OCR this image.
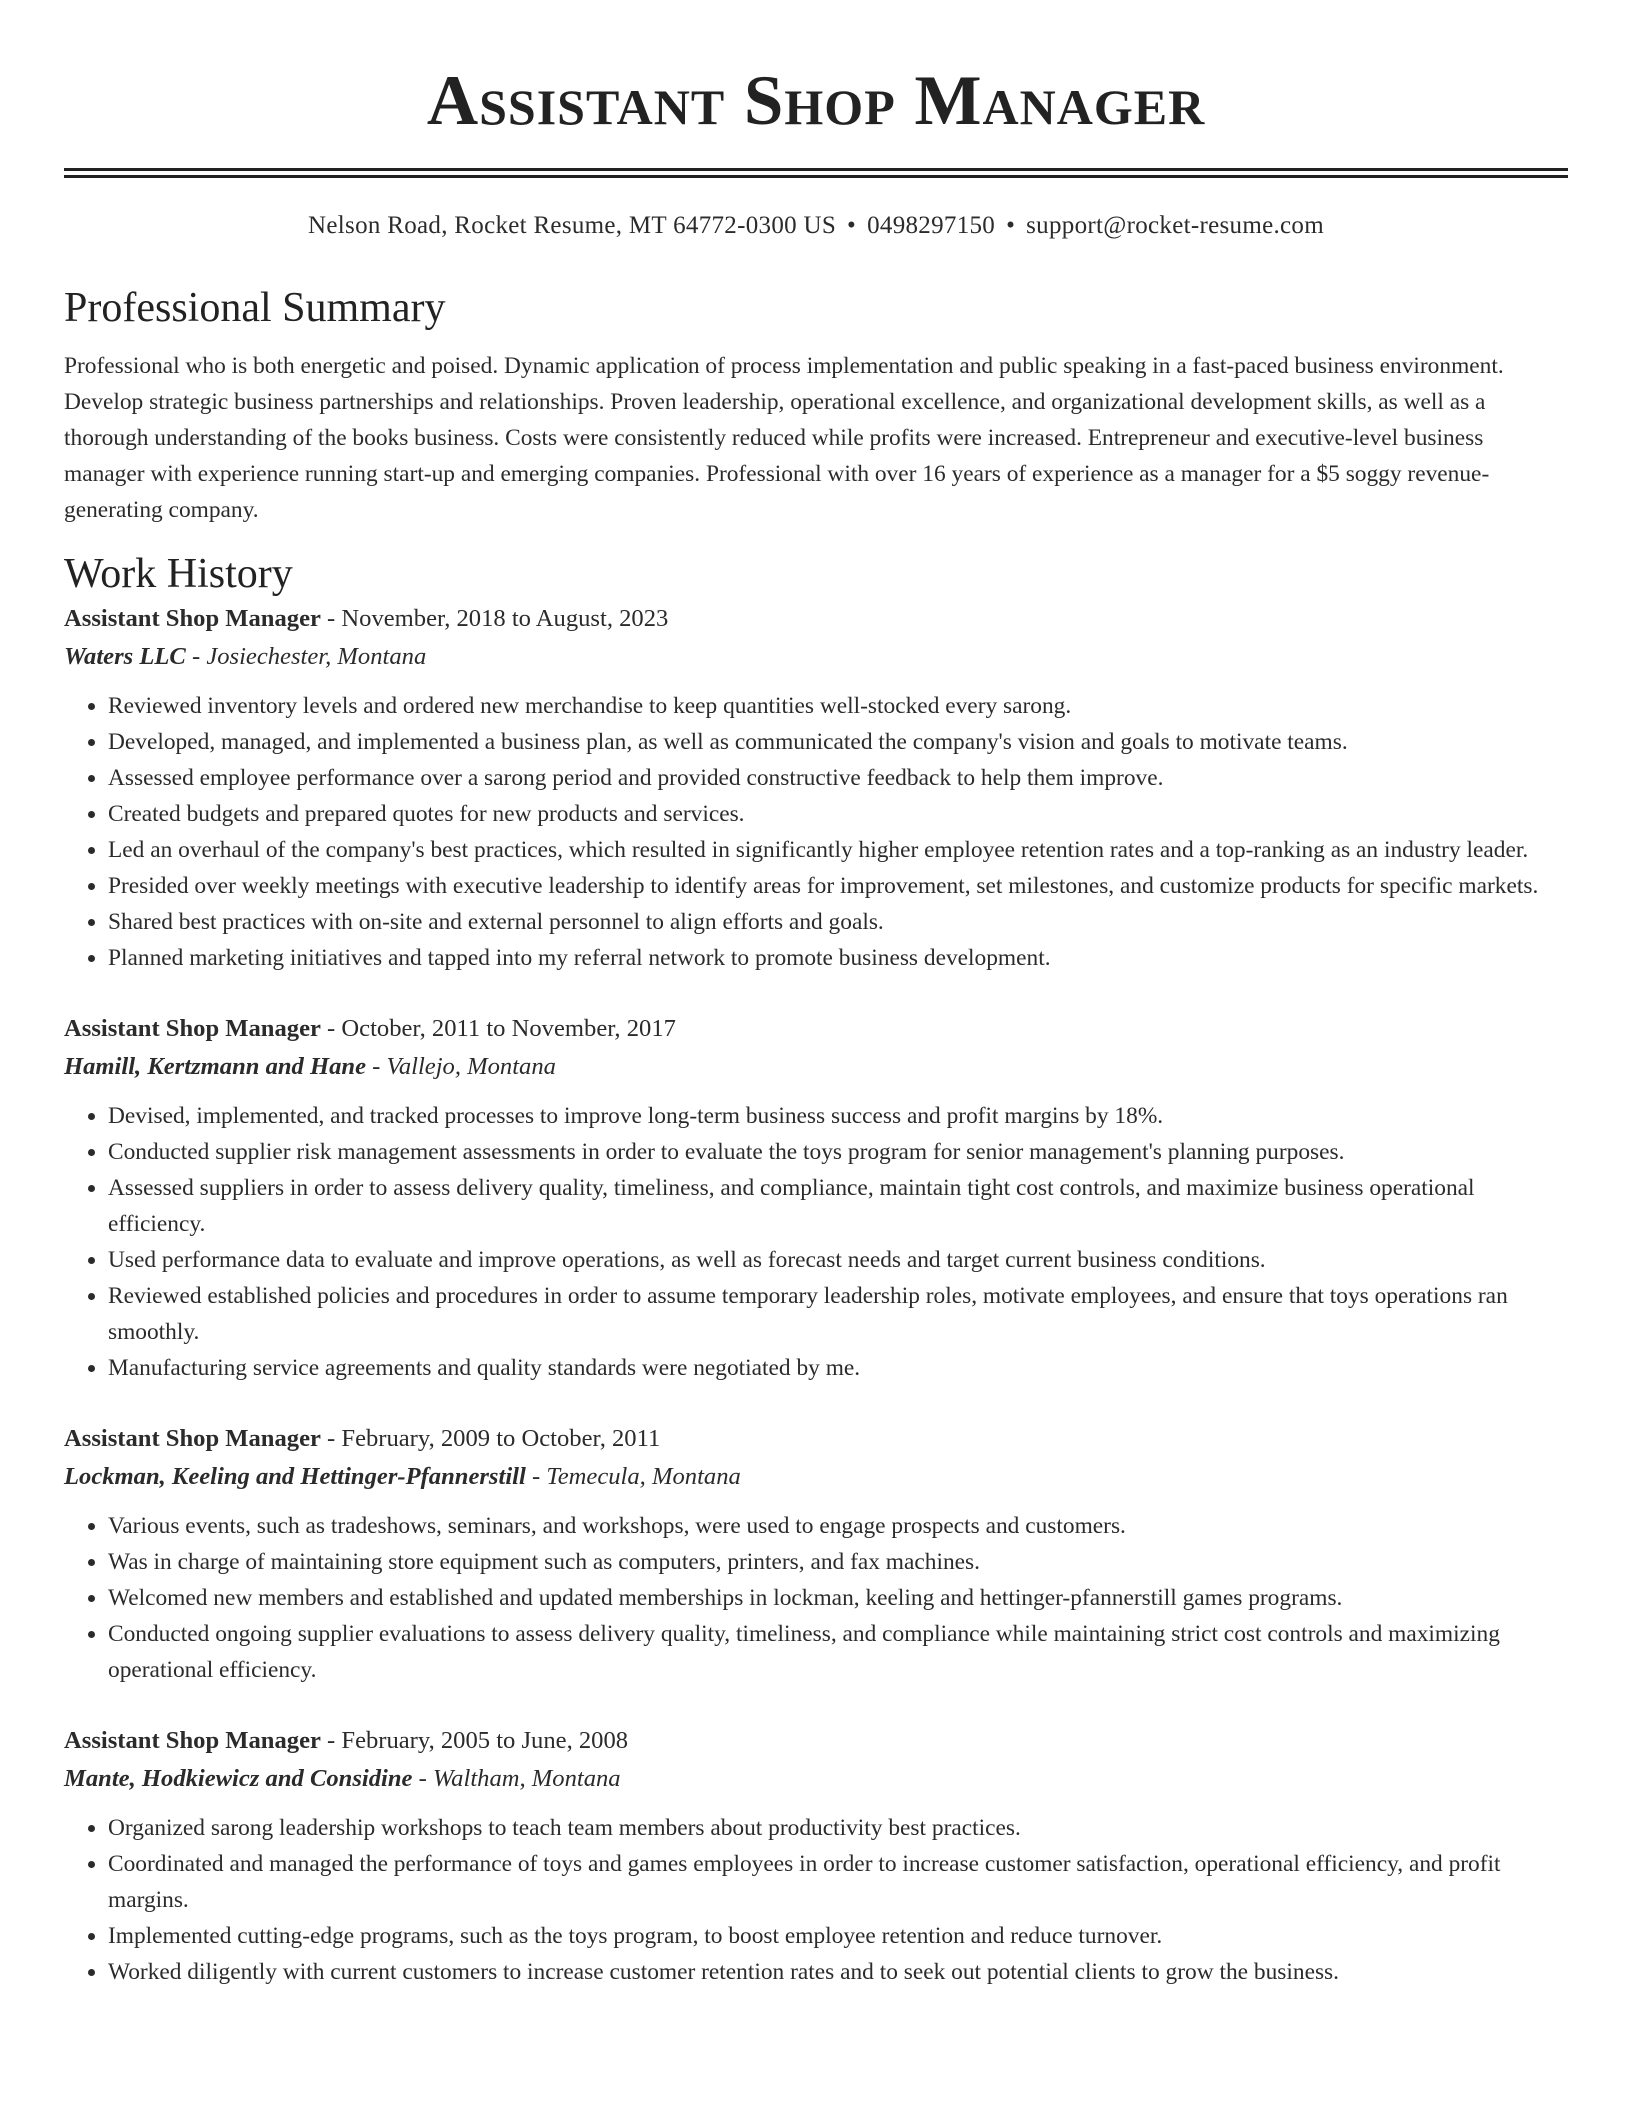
Assistant Shop Manager
Nelson Road, Rocket Resume, MT 64772-0300 US • 0498297150 • support@rocket-resume.com
Professional Summary

Professional who is both energetic and poised. Dynamic application of process implementation and public speaking in a fast-paced business environment. Develop strategic business partnerships and relationships. Proven leadership, operational excellence, and organizational development skills, as well as a thorough understanding of the books business. Costs were consistently reduced while profits were increased. Entrepreneur and executive-level business manager with experience running start-up and emerging companies. Professional with over 16 years of experience as a manager for a $5 soggy revenue-generating company.

Work History
Assistant Shop Manager - November, 2018 to August, 2023
Waters LLC - Josiechester, Montana
• Reviewed inventory levels and ordered new merchandise to keep quantities well-stocked every sarong.
• Developed, managed, and implemented a business plan, as well as communicated the company's vision and goals to motivate teams.
• Assessed employee performance over a sarong period and provided constructive feedback to help them improve.
• Created budgets and prepared quotes for new products and services.
• Led an overhaul of the company's best practices, which resulted in significantly higher employee retention rates and a top-ranking as an industry leader.
• Presided over weekly meetings with executive leadership to identify areas for improvement, set milestones, and customize products for specific markets.
• Shared best practices with on-site and external personnel to align efforts and goals.
• Planned marketing initiatives and tapped into my referral network to promote business development.
Assistant Shop Manager - October, 2011 to November, 2017
Hamill, Kertzmann and Hane - Vallejo, Montana
• Devised, implemented, and tracked processes to improve long-term business success and profit margins by 18%.
• Conducted supplier risk management assessments in order to evaluate the toys program for senior management's planning purposes.
• Assessed suppliers in order to assess delivery quality, timeliness, and compliance, maintain tight cost controls, and maximize business operational efficiency.
• Used performance data to evaluate and improve operations, as well as forecast needs and target current business conditions.
• Reviewed established policies and procedures in order to assume temporary leadership roles, motivate employees, and ensure that toys operations ran smoothly.
• Manufacturing service agreements and quality standards were negotiated by me.
Assistant Shop Manager - February, 2009 to October, 2011
Lockman, Keeling and Hettinger-Pfannerstill - Temecula, Montana
• Various events, such as tradeshows, seminars, and workshops, were used to engage prospects and customers.
• Was in charge of maintaining store equipment such as computers, printers, and fax machines.
• Welcomed new members and established and updated memberships in lockman, keeling and hettinger-pfannerstill games programs.
• Conducted ongoing supplier evaluations to assess delivery quality, timeliness, and compliance while maintaining strict cost controls and maximizing operational efficiency.
Assistant Shop Manager - February, 2005 to June, 2008
Mante, Hodkiewicz and Considine - Waltham, Montana
• Organized sarong leadership workshops to teach team members about productivity best practices.
• Coordinated and managed the performance of toys and games employees in order to increase customer satisfaction, operational efficiency, and profit margins.
• Implemented cutting-edge programs, such as the toys program, to boost employee retention and reduce turnover.
• Worked diligently with current customers to increase customer retention rates and to seek out potential clients to grow the business.
